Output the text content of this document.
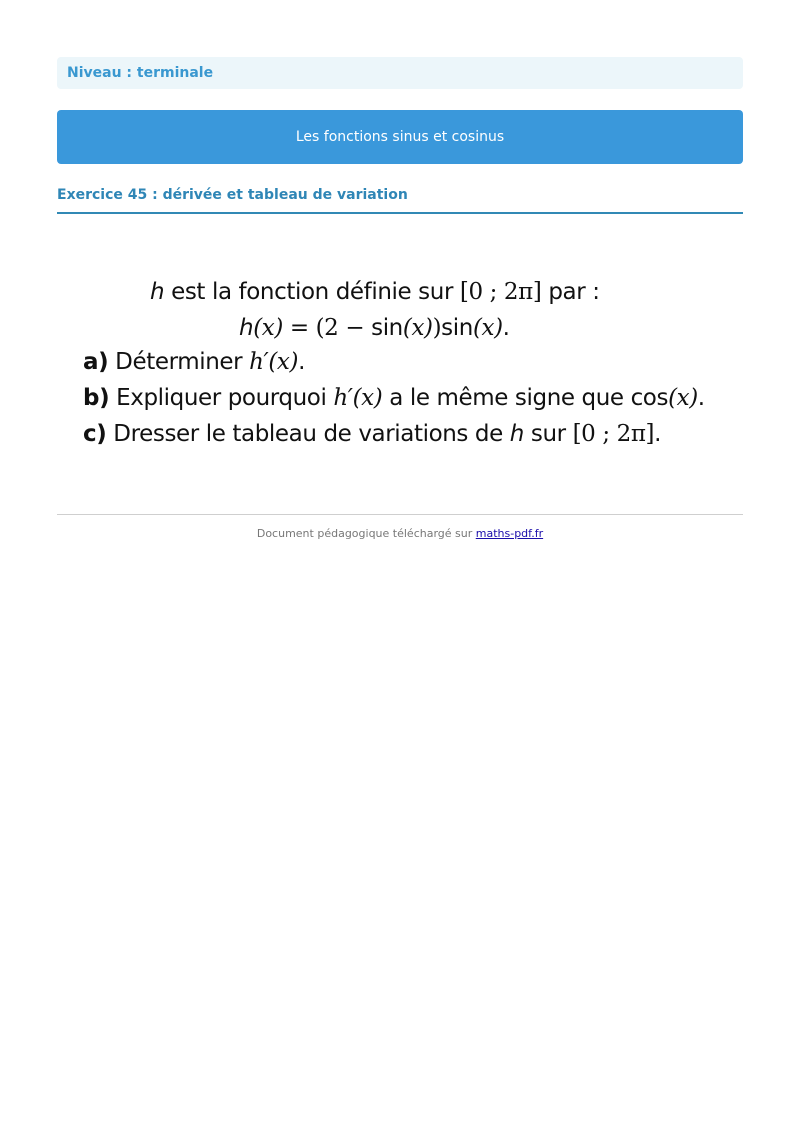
Niveau : terminale
Les fonctions sinus et cosinus
Exercice 45 : dérivée et tableau de variation
h est la fonction définie sur [0 ; 2π] par :
h(x) = (2 − sin(x))sin(x).
a) Déterminer h′(x).
b) Expliquer pourquoi h′(x) a le même signe que cos(x).
c) Dresser le tableau de variations de h sur [0 ; 2π].
Document pédagogique téléchargé sur maths-pdf.fr
